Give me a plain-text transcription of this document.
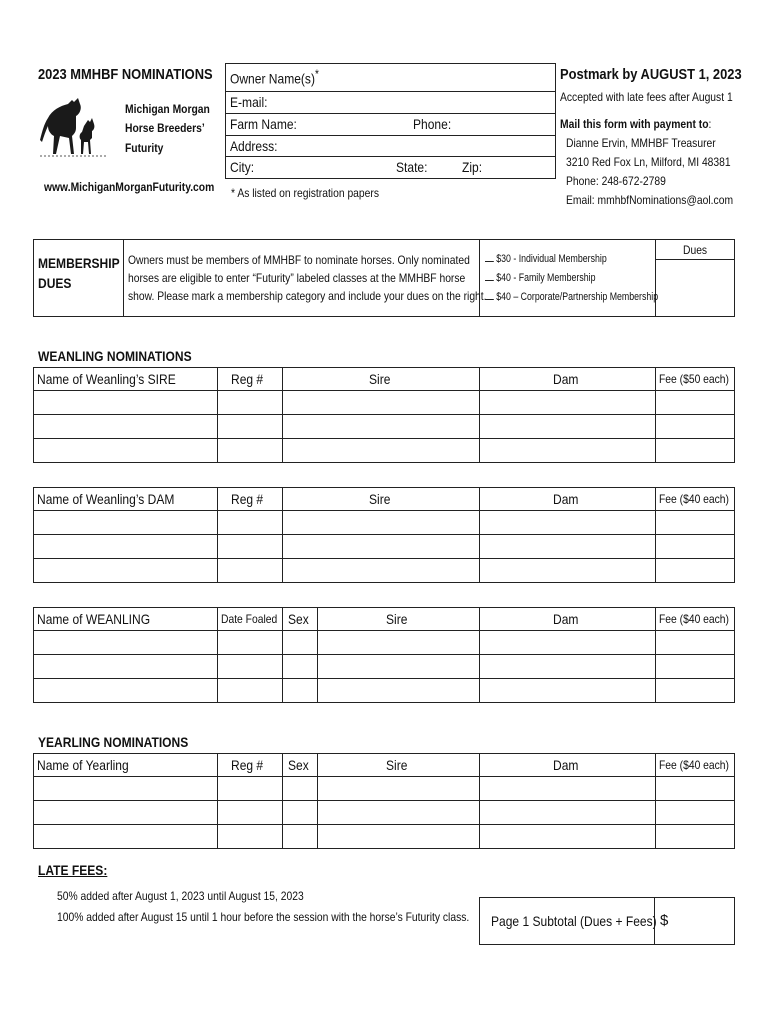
2023 MMHBF NOMINATIONS
Michigan Morgan
Horse Breeders’
Futurity
www.MichiganMorganFuturity.com
Owner Name(s)*
E-mail:
Farm Name:	Phone:
Address:
City:	State: Zip:
* As listed on registration papers
Postmark by AUGUST 1, 2023
Accepted with late fees after August 1
Mail this form with payment to:
Dianne Ervin, MMHBF Treasurer
3210 Red Fox Ln, Milford, MI 48381
Phone: 248-672-2789
Email: mmhbfNominations@aol.com
MEMBERSHIP
DUES
Owners must be members of MMHBF to nominate horses. Only nominated
horses are eligible to enter “Futurity” labeled classes at the MMHBF horse
show. Please mark a membership category and include your dues on the right.
$30 - Individual Membership
$40 - Family Membership
$40 – Corporate/Partnership Membership
Dues
WEANLING NOMINATIONS
Name of Weanling’s SIRE	Reg #	Sire	Dam	Fee ($50 each)

Name of Weanling’s DAM	Reg #	Sire	Dam	Fee ($40 each)

Name of WEANLING	Date Foaled	Sex	Sire	Dam	Fee ($40 each)

YEARLING NOMINATIONS
Name of Yearling	Reg #	Sex	Sire	Dam	Fee ($40 each)

LATE FEES:
50% added after August 1, 2023 until August 15, 2023
100% added after August 15 until 1 hour before the session with the horse’s Futurity class. Page 1 Subtotal (Dues + Fees) $
